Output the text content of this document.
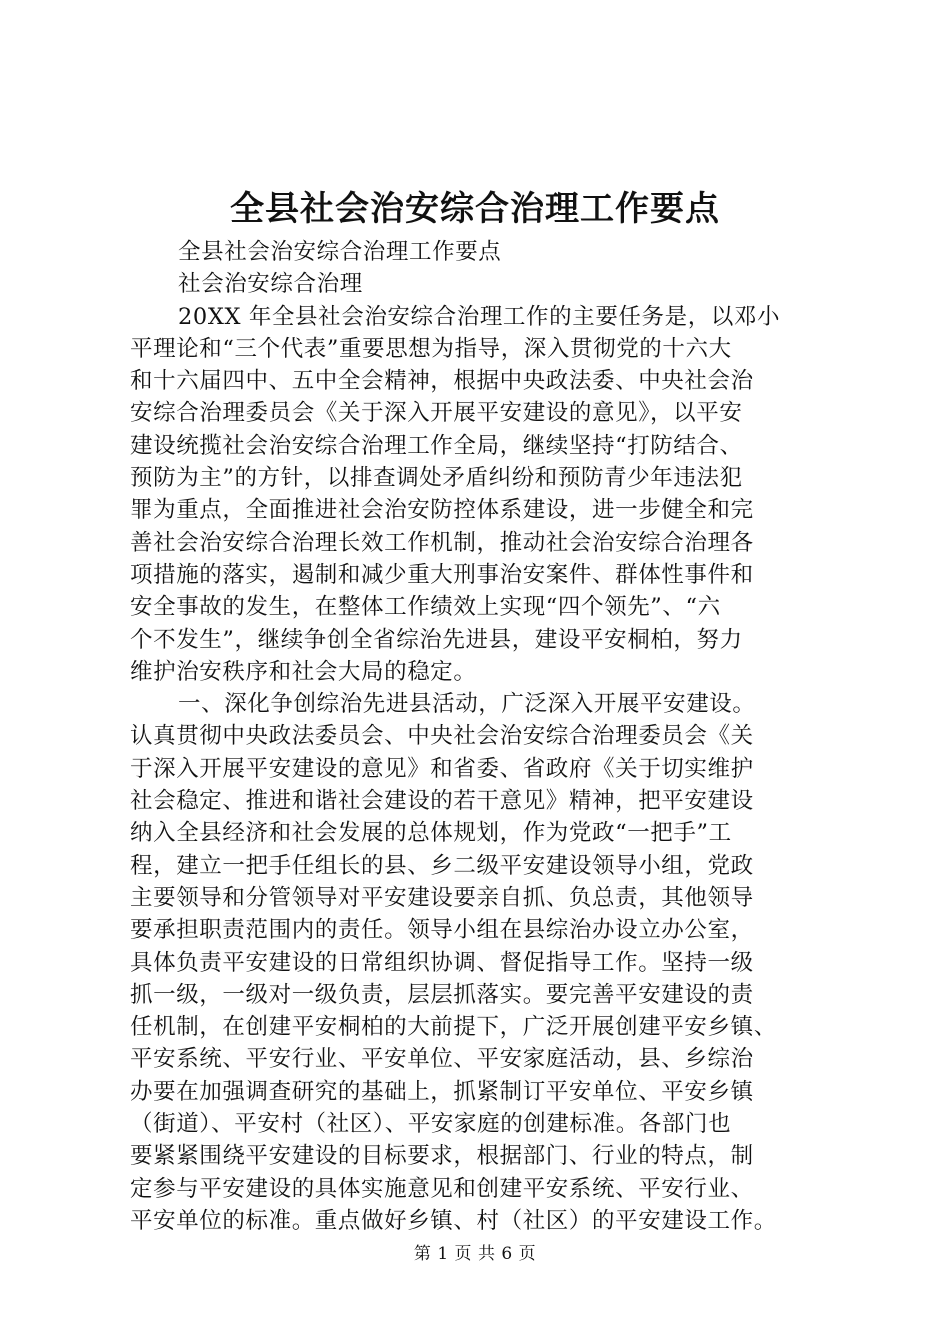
全县社会治安综合治理工作要点
全县社会治安综合治理工作要点
社会治安综合治理
20XX 年全县社会治安综合治理工作的主要任务是，以邓小
平理论和“三个代表”重要思想为指导，深入贯彻党的十六大
和十六届四中、五中全会精神，根据中央政法委、中央社会治
安综合治理委员会《关于深入开展平安建设的意见》，以平安
建设统揽社会治安综合治理工作全局，继续坚持“打防结合、
预防为主”的方针，以排查调处矛盾纠纷和预防青少年违法犯
罪为重点，全面推进社会治安防控体系建设，进一步健全和完
善社会治安综合治理长效工作机制，推动社会治安综合治理各
项措施的落实，遏制和减少重大刑事治安案件、群体性事件和
安全事故的发生，在整体工作绩效上实现“四个领先”、“六
个不发生”，继续争创全省综治先进县，建设平安桐柏，努力
维护治安秩序和社会大局的稳定。
一、深化争创综治先进县活动，广泛深入开展平安建设。
认真贯彻中央政法委员会、中央社会治安综合治理委员会《关
于深入开展平安建设的意见》和省委、省政府《关于切实维护
社会稳定、推进和谐社会建设的若干意见》精神，把平安建设
纳入全县经济和社会发展的总体规划，作为党政“一把手”工
程，建立一把手任组长的县、乡二级平安建设领导小组，党政
主要领导和分管领导对平安建设要亲自抓、负总责，其他领导
要承担职责范围内的责任。领导小组在县综治办设立办公室，
具体负责平安建设的日常组织协调、督促指导工作。坚持一级
抓一级，一级对一级负责，层层抓落实。要完善平安建设的责
任机制，在创建平安桐柏的大前提下，广泛开展创建平安乡镇、
平安系统、平安行业、平安单位、平安家庭活动，县、乡综治
办要在加强调查研究的基础上，抓紧制订平安单位、平安乡镇
（街道）、平安村（社区）、平安家庭的创建标准。各部门也
要紧紧围绕平安建设的目标要求，根据部门、行业的特点，制
定参与平安建设的具体实施意见和创建平安系统、平安行业、
平安单位的标准。重点做好乡镇、村（社区）的平安建设工作。
第 1 页 共 6 页
